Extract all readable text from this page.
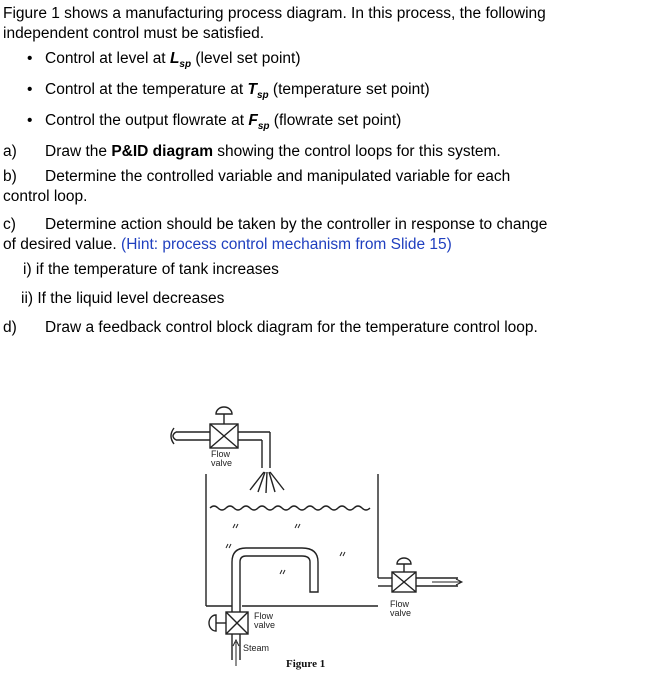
Figure 1 shows a manufacturing process diagram. In this process, the following
independent control must be satisfied.
• Control at level at $L_{sp}$ (level set point)
• Control at the temperature at $T_{sp}$ (temperature set point)
• Control the output flowrate at $F_{sp}$ (flowrate set point)
a) Draw the P&ID diagram showing the control loops for this system.
b) Determine the controlled variable and manipulated variable for each
control loop.
c) Determine action should be taken by the controller in response to change
of desired value. (Hint: process control mechanism from Slide 15)
i) if the temperature of tank increases
ii) If the liquid level decreases
d) Draw a feedback control block diagram for the temperature control loop.
Flow
valve
Flow
valve
Flow
valve
Steam
Figure 1
